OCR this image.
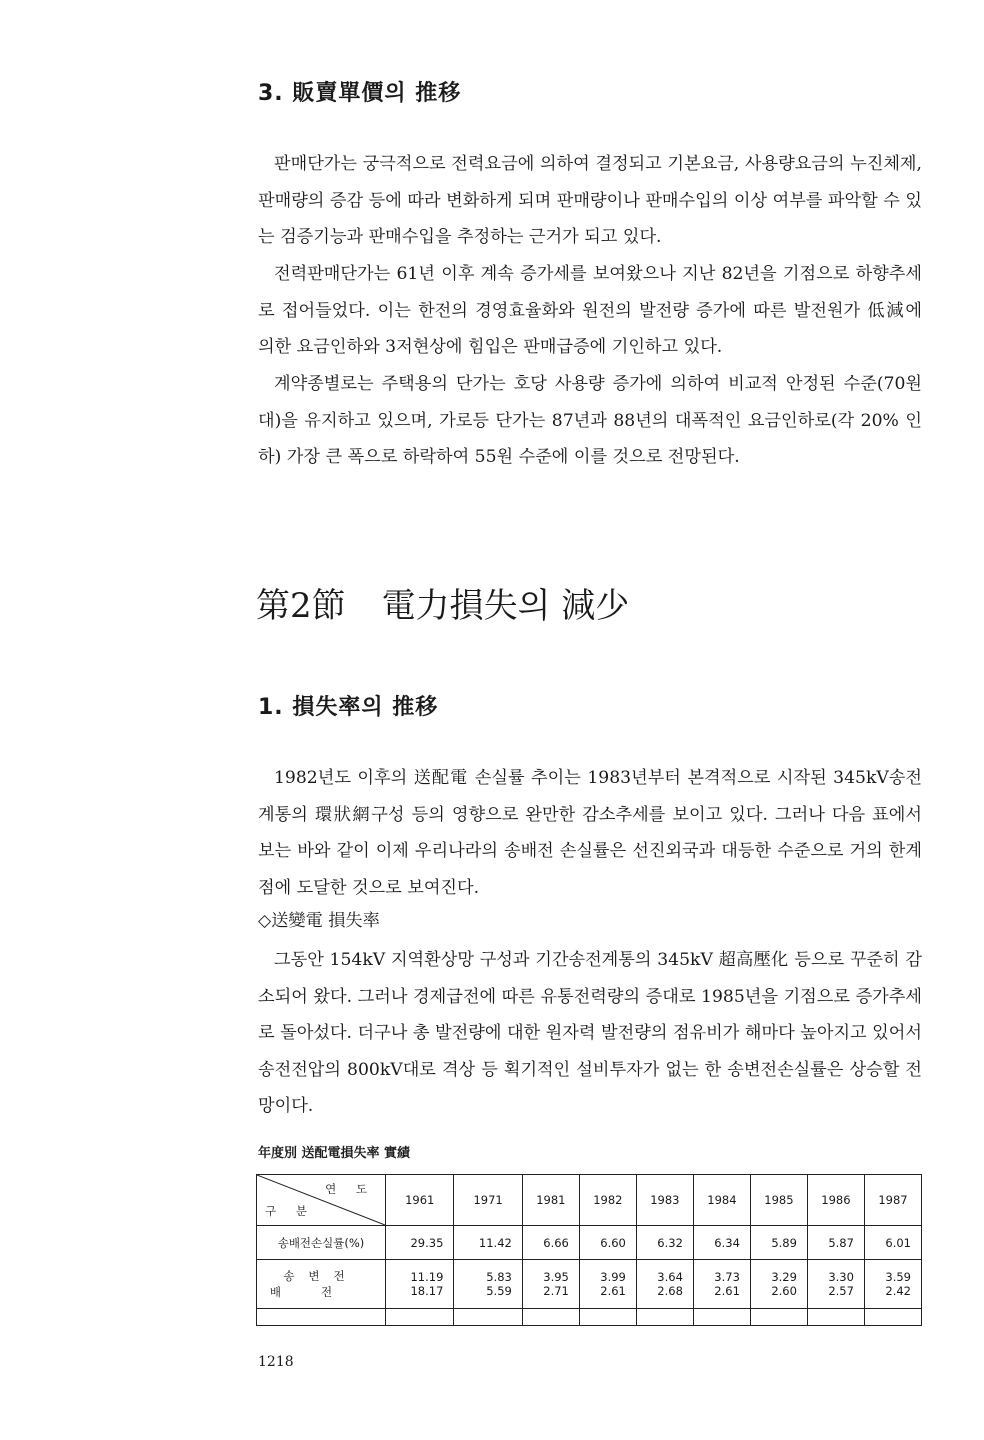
3. 販賣單價의 推移

판매단가는 궁극적으로 전력요금에 의하여 결정되고 기본요금, 사용량요금의 누진체제, 판매량의 증감 등에 따라 변화하게 되며 판매량이나 판매수입의 이상 여부를 파악할 수 있는 검증기능과 판매수입을 추정하는 근거가 되고 있다.

전력판매단가는 61년 이후 계속 증가세를 보여왔으나 지난 82년을 기점으로 하향추세로 접어들었다. 이는 한전의 경영효율화와 원전의 발전량 증가에 따른 발전원가 低減에 의한 요금인하와 3저현상에 힘입은 판매급증에 기인하고 있다.

계약종별로는 주택용의 단가는 호당 사용량 증가에 의하여 비교적 안정된 수준(70원대)을 유지하고 있으며, 가로등 단가는 87년과 88년의 대폭적인 요금인하로(각 20% 인하) 가장 큰 폭으로 하락하여 55원 수준에 이를 것으로 전망된다.

第2節 電力損失의 減少
1. 損失率의 推移

1982년도 이후의 送配電 손실률 추이는 1983년부터 본격적으로 시작된 345kV송전계통의 環狀網구성 등의 영향으로 완만한 감소추세를 보이고 있다. 그러나 다음 표에서 보는 바와 같이 이제 우리나라의 송배전 손실률은 선진외국과 대등한 수준으로 거의 한계점에 도달한 것으로 보여진다.

◇送變電 損失率

그동안 154kV 지역환상망 구성과 기간송전계통의 345kV 超高壓化 등으로 꾸준히 감소되어 왔다. 그러나 경제급전에 따른 유통전력량의 증대로 1985년을 기점으로 증가추세로 돌아섰다. 더구나 총 발전량에 대한 원자력 발전량의 점유비가 해마다 높아지고 있어서 송전전압의 800kV대로 격상 등 획기적인 설비투자가 없는 한 송변전손실률은 상승할 전망이다.

年度別 送配電損失率 實績
연 도
구 분	1961	1971	1981	1982	1983	1984	1985	1986	1987
송배전손실률(%)	29.35	11.42	6.66	6.60	6.32	6.34	5.89	5.87	6.01
송변전	11.19	5.83	3.95	3.99	3.64	3.73	3.29	3.30	3.59
배전	18.17	5.59	2.71	2.61	2.68	2.61	2.60	2.57	2.42

1218
